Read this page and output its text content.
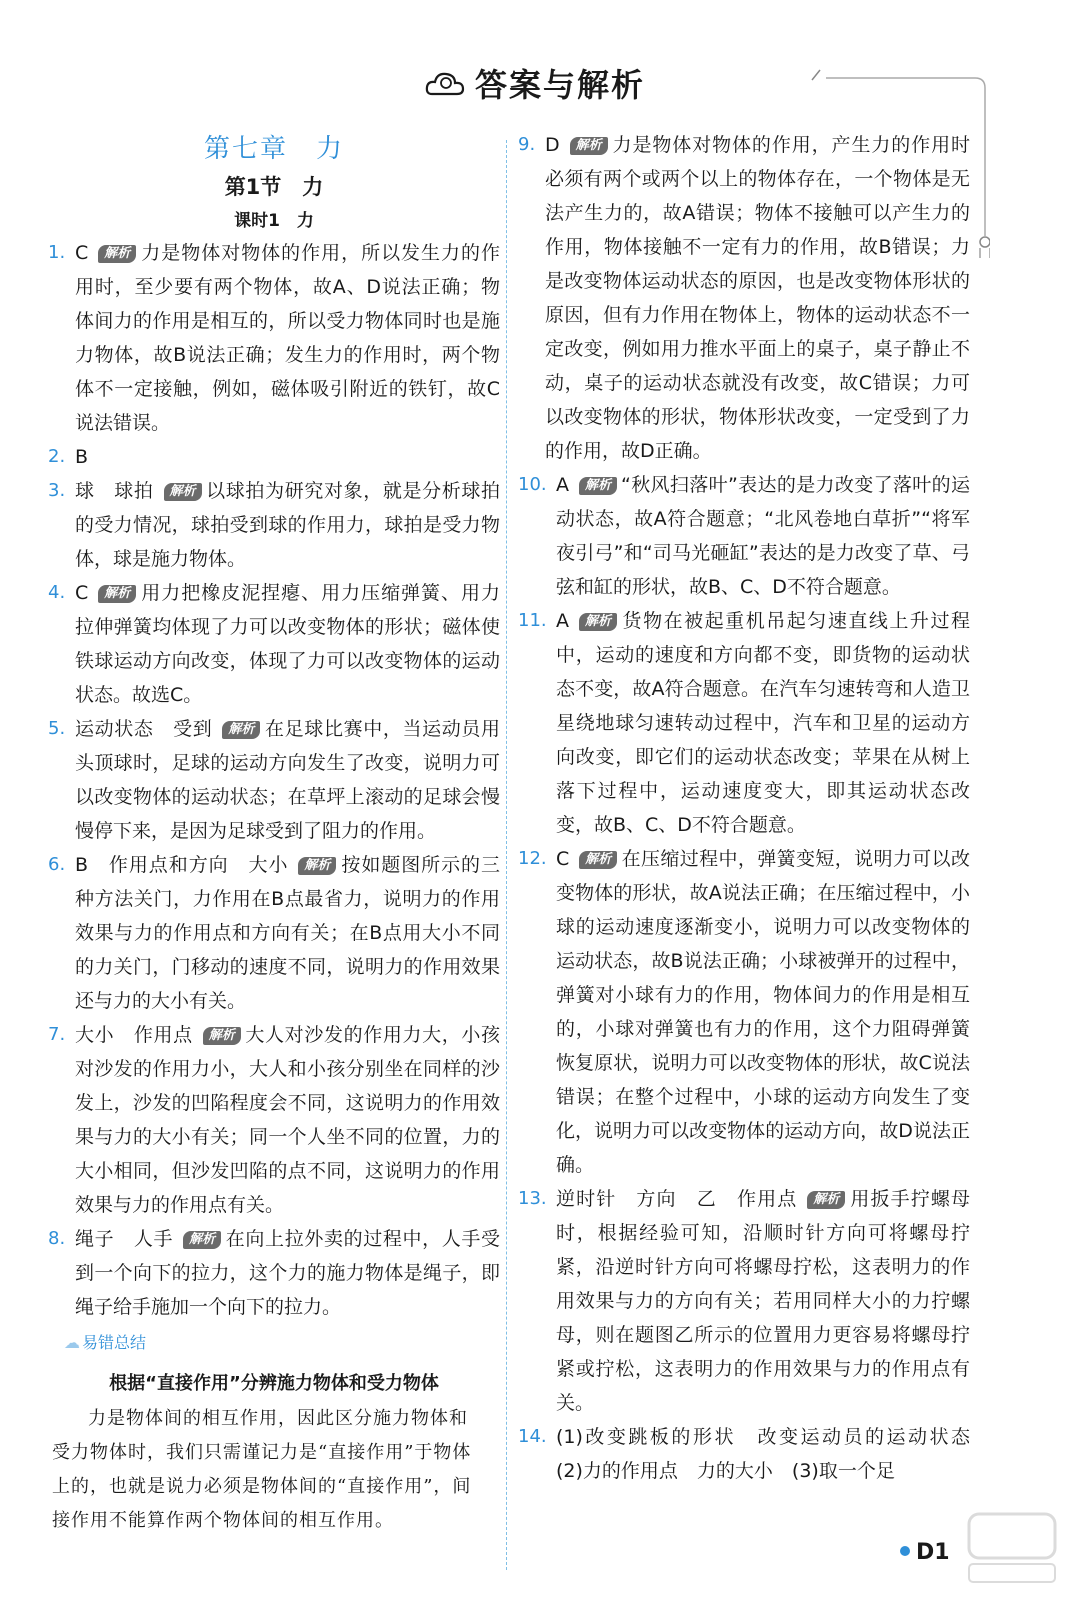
答案与解析
第七章　力
第1节　力
课时1　力

1. C 解析 力是物体对物体的作用，所以发生力的作用时，至少要有两个物体，故A、D说法正确；物体间力的作用是相互的，所以受力物体同时也是施力物体，故B说法正确；发生力的作用时，两个物体不一定接触，例如，磁体吸引附近的铁钉，故C说法错误。

2. B

3. 球　球拍 解析 以球拍为研究对象，就是分析球拍的受力情况，球拍受到球的作用力，球拍是受力物体，球是施力物体。

4. C 解析 用力把橡皮泥捏瘪、用力压缩弹簧、用力拉伸弹簧均体现了力可以改变物体的形状；磁体使铁球运动方向改变，体现了力可以改变物体的运动状态。故选C。

5. 运动状态　受到 解析 在足球比赛中，当运动员用头顶球时，足球的运动方向发生了改变，说明力可以改变物体的运动状态；在草坪上滚动的足球会慢慢停下来，是因为足球受到了阻力的作用。

6. B　作用点和方向　大小 解析 按如题图所示的三种方法关门，力作用在B点最省力，说明力的作用效果与力的作用点和方向有关；在B点用大小不同的力关门，门移动的速度不同，说明力的作用效果还与力的大小有关。

7. 大小　作用点 解析 大人对沙发的作用力大，小孩对沙发的作用力小，大人和小孩分别坐在同样的沙发上，沙发的凹陷程度会不同，这说明力的作用效果与力的大小有关；同一个人坐不同的位置，力的大小相同，但沙发凹陷的点不同，这说明力的作用效果与力的作用点有关。

8. 绳子　人手 解析 在向上拉外卖的过程中，人手受到一个向下的拉力，这个力的施力物体是绳子，即绳子给手施加一个向下的拉力。

☁ 易错总结
根据“直接作用”分辨施力物体和受力物体
力是物体间的相互作用，因此区分施力物体和受力物体时，我们只需谨记力是“直接作用”于物体上的，也就是说力必须是物体间的“直接作用”，间接作用不能算作两个物体间的相互作用。

9. D 解析 力是物体对物体的作用，产生力的作用时必须有两个或两个以上的物体存在，一个物体是无法产生力的，故A错误；物体不接触可以产生力的作用，物体接触不一定有力的作用，故B错误；力是改变物体运动状态的原因，也是改变物体形状的原因，但有力作用在物体上，物体的运动状态不一定改变，例如用力推水平面上的桌子，桌子静止不动，桌子的运动状态就没有改变，故C错误；力可以改变物体的形状，物体形状改变，一定受到了力的作用，故D正确。

10. A 解析 “秋风扫落叶”表达的是力改变了落叶的运动状态，故A符合题意；“北风卷地白草折”“将军夜引弓”和“司马光砸缸”表达的是力改变了草、弓弦和缸的形状，故B、C、D不符合题意。

11. A 解析 货物在被起重机吊起匀速直线上升过程中，运动的速度和方向都不变，即货物的运动状态不变，故A符合题意。在汽车匀速转弯和人造卫星绕地球匀速转动过程中，汽车和卫星的运动方向改变，即它们的运动状态改变；苹果在从树上落下过程中，运动速度变大，即其运动状态改变，故B、C、D不符合题意。

12. C 解析 在压缩过程中，弹簧变短，说明力可以改变物体的形状，故A说法正确；在压缩过程中，小球的运动速度逐渐变小，说明力可以改变物体的运动状态，故B说法正确；小球被弹开的过程中，弹簧对小球有力的作用，物体间力的作用是相互的，小球对弹簧也有力的作用，这个力阻碍弹簧恢复原状，说明力可以改变物体的形状，故C说法错误；在整个过程中，小球的运动方向发生了变化，说明力可以改变物体的运动方向，故D说法正确。

13. 逆时针　方向　乙　作用点 解析 用扳手拧螺母时，根据经验可知，沿顺时针方向可将螺母拧紧，沿逆时针方向可将螺母拧松，这表明力的作用效果与力的方向有关；若用同样大小的力拧螺母，则在题图乙所示的位置用力更容易将螺母拧紧或拧松，这表明力的作用效果与力的作用点有关。

14. (1)改变跳板的形状　改变运动员的运动状态　(2)力的作用点　力的大小　(3)取一个足

D1
